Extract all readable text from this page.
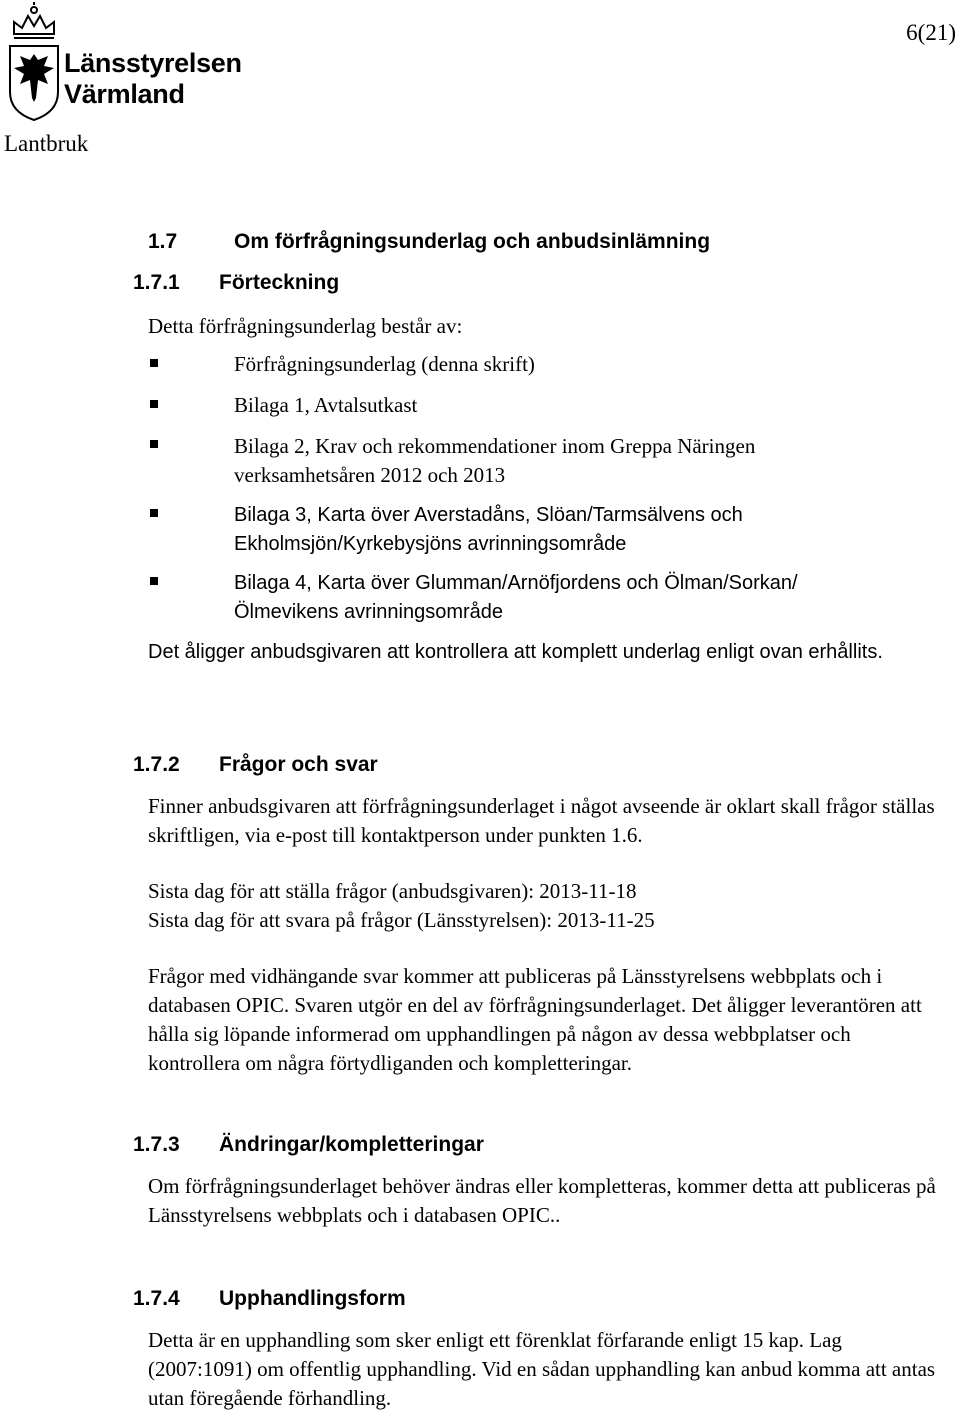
Länsstyrelsen
Värmland
Lantbruk
6(21)
1.7	Om förfrågningsunderlag och anbudsinlämning
1.7.1 Förteckning

Detta förfrågningsunderlag består av:

Förfrågningsunderlag (denna skrift)

Bilaga 1, Avtalsutkast

Bilaga 2, Krav och rekommendationer inom Greppa Näringen verksamhetsåren 2012 och 2013

Bilaga 3, Karta över Averstadåns, Slöan/Tarmsälvens och Ekholmsjön/Kyrkebysjöns avrinningsområde

Bilaga 4, Karta över Glumman/Arnöfjordens och Ölman/Sorkan/ Ölmevikens avrinningsområde

Det åligger anbudsgivaren att kontrollera att komplett underlag enligt ovan erhållits.

1.7.2 Frågor och svar

Finner anbudsgivaren att förfrågningsunderlaget i något avseende är oklart skall frågor ställas skriftligen, via e-post till kontaktperson under punkten 1.6.

Sista dag för att ställa frågor (anbudsgivaren): 2013-11-18

Sista dag för att svara på frågor (Länsstyrelsen): 2013-11-25

Frågor med vidhängande svar kommer att publiceras på Länsstyrelsens webbplats och i databasen OPIC. Svaren utgör en del av förfrågningsunderlaget. Det åligger leverantören att hålla sig löpande informerad om upphandlingen på någon av dessa webbplatser och kontrollera om några förtydliganden och kompletteringar.

1.7.3 Ändringar/kompletteringar

Om förfrågningsunderlaget behöver ändras eller kompletteras, kommer detta att publiceras på Länsstyrelsens webbplats och i databasen OPIC..

1.7.4 Upphandlingsform

Detta är en upphandling som sker enligt ett förenklat förfarande enligt 15 kap. Lag (2007:1091) om offentlig upphandling. Vid en sådan upphandling kan anbud komma att antas utan föregående förhandling.
